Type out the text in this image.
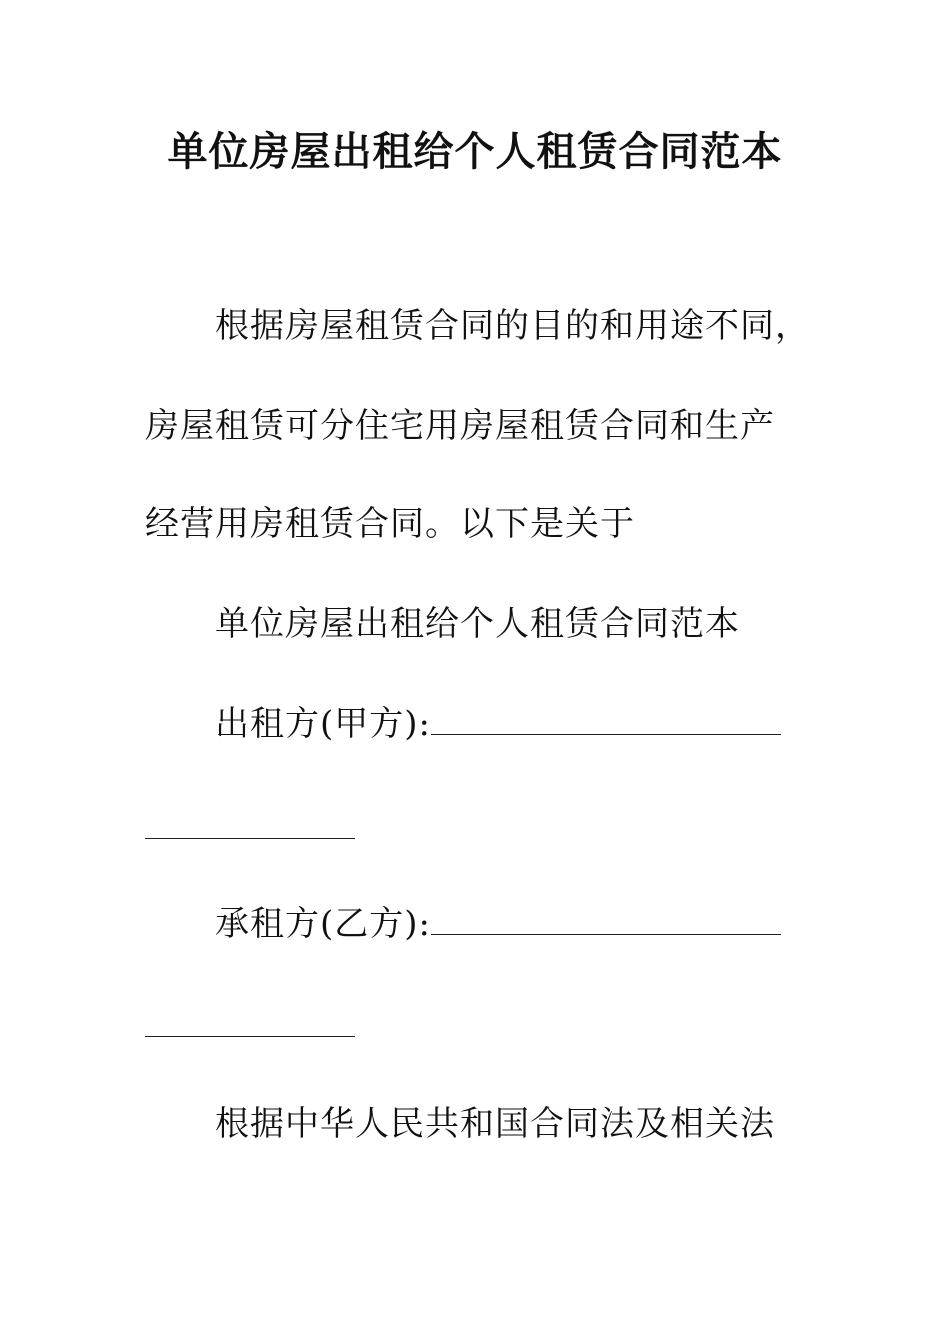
单位房屋出租给个人租赁合同范本
根据房屋租赁合同的目的和用途不同，
房屋租赁可分住宅用房屋租赁合同和生产
经营用房租赁合同。以下是关于
单位房屋出租给个人租赁合同范本
出租方(甲方):
承租方(乙方):
根据中华人民共和国合同法及相关法
